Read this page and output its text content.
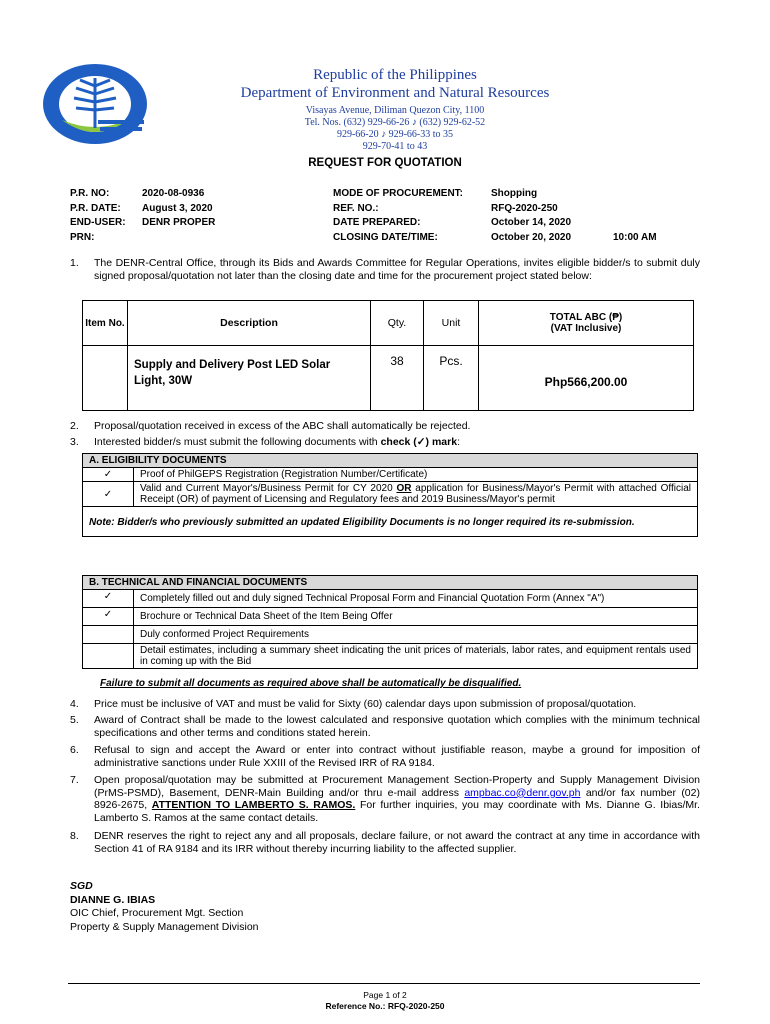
Republic of the Philippines
Department of Environment and Natural Resources
Visayas Avenue, Diliman Quezon City, 1100
Tel. Nos. (632) 929-66-26 ♪ (632) 929-62-52
929-66-20 ♪ 929-66-33 to 35
929-70-41 to 43
REQUEST FOR QUOTATION
P.R. NO:	2020-08-0936
P.R. DATE: August 3, 2020
END-USER: DENR PROPER
PRN:
MODE OF PROCUREMENT:	Shopping
REF. NO.:	RFQ-2020-250
DATE PREPARED:	October 14, 2020
CLOSING DATE/TIME:	October 20, 2020	10:00 AM
1. The DENR-Central Office, through its Bids and Awards Committee for Regular Operations, invites eligible bidder/s to submit duly signed proposal/quotation not later than the closing date and time for the procurement project stated below:
Item No.	Description	Qty.	Unit	TOTAL ABC (₱)
(VAT Inclusive)

	Supply and Delivery Post LED Solar Light, 30W	38	Pcs.	Php566,200.00
2. Proposal/quotation received in excess of the ABC shall automatically be rejected.
3. Interested bidder/s must submit the following documents with check (✓) mark:
A. ELIGIBILITY DOCUMENTS	
✓	Proof of PhilGEPS Registration (Registration Number/Certificate)
✓	Valid and Current Mayor's/Business Permit for CY 2020 OR application for Business/Mayor's Permit with attached Official Receipt (OR) of payment of Licensing and Regulatory fees and 2019 Business/Mayor's permit
Note: Bidder/s who previously submitted an updated Eligibility Documents is no longer required its re-submission.	
B. TECHNICAL AND FINANCIAL DOCUMENTS	
✓	Completely filled out and duly signed Technical Proposal Form and Financial Quotation Form (Annex "A")
✓	Brochure or Technical Data Sheet of the Item Being Offer
	Duly conformed Project Requirements
	Detail estimates, including a summary sheet indicating the unit prices of materials, labor rates, and equipment rentals used in coming up with the Bid
Failure to submit all documents as required above shall be automatically be disqualified.
4. Price must be inclusive of VAT and must be valid for Sixty (60) calendar days upon submission of proposal/quotation.
5. Award of Contract shall be made to the lowest calculated and responsive quotation which complies with the minimum technical specifications and other terms and conditions stated herein.
6. Refusal to sign and accept the Award or enter into contract without justifiable reason, maybe a ground for imposition of administrative sanctions under Rule XXIII of the Revised IRR of RA 9184.
7. Open proposal/quotation may be submitted at Procurement Management Section-Property and Supply Management Division (PrMS-PSMD), Basement, DENR-Main Building and/or thru e-mail address ampbac.co@denr.gov.ph and/or fax number (02) 8926-2675, ATTENTION TO LAMBERTO S. RAMOS. For further inquiries, you may coordinate with Ms. Dianne G. Ibias/Mr. Lamberto S. Ramos at the same contact details.
8. DENR reserves the right to reject any and all proposals, declare failure, or not award the contract at any time in accordance with Section 41 of RA 9184 and its IRR without thereby incurring liability to the affected supplier.
SGD
DIANNE G. IBIAS
OIC Chief, Procurement Mgt. Section
Property & Supply Management Division
Page 1 of 2
Reference No.: RFQ-2020-250
